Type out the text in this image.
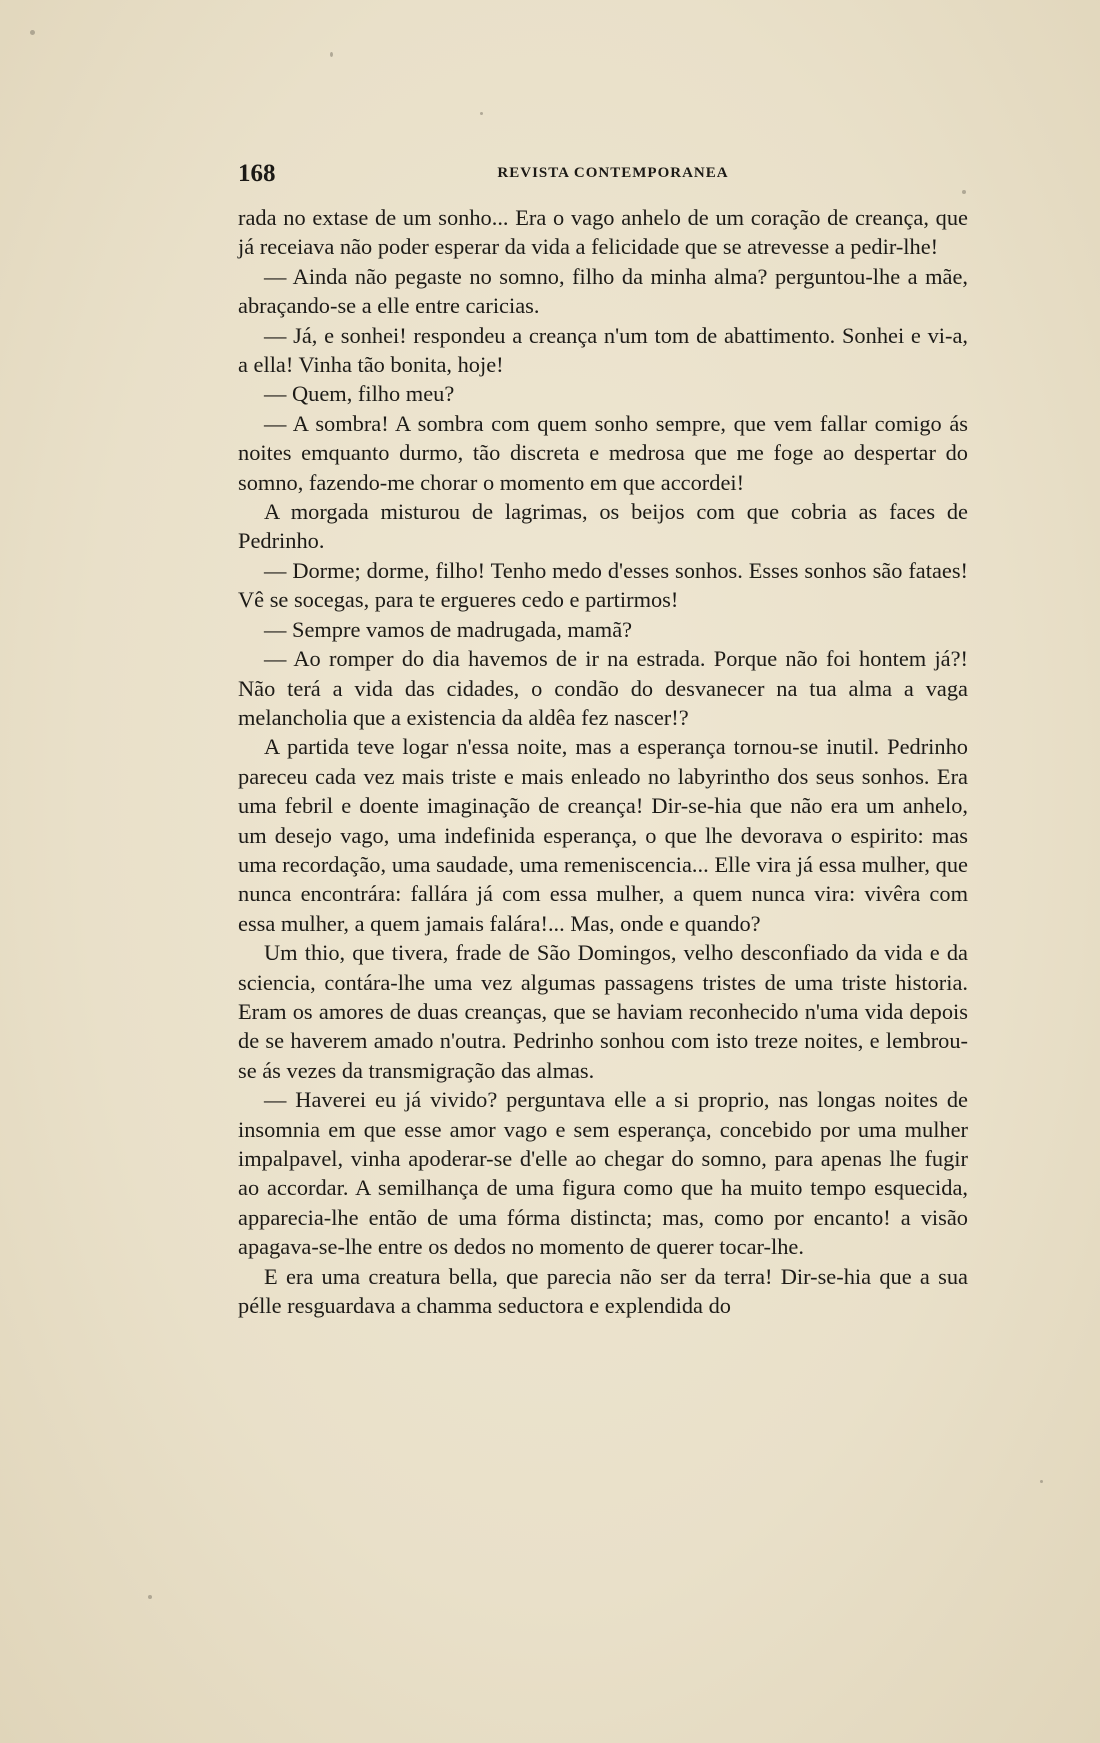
168	REVISTA CONTEMPORANEA

rada no extase de um sonho... Era o vago anhelo de um coração de creança, que já receiava não poder esperar da vida a felicidade que se atrevesse a pedir-lhe!

— Ainda não pegaste no somno, filho da minha alma? perguntou-lhe a mãe, abraçando-se a elle entre caricias.

— Já, e sonhei! respondeu a creança n'um tom de abattimento. Sonhei e vi-a, a ella! Vinha tão bonita, hoje!

— Quem, filho meu?

— A sombra! A sombra com quem sonho sempre, que vem fallar comigo ás noites emquanto durmo, tão discreta e medrosa que me foge ao despertar do somno, fazendo-me chorar o momento em que accordei!

A morgada misturou de lagrimas, os beijos com que cobria as faces de Pedrinho.

— Dorme; dorme, filho! Tenho medo d'esses sonhos. Esses sonhos são fataes! Vê se socegas, para te ergueres cedo e partirmos!

— Sempre vamos de madrugada, mamã?

— Ao romper do dia havemos de ir na estrada. Porque não foi hontem já?! Não terá a vida das cidades, o condão do desvanecer na tua alma a vaga melancholia que a existencia da aldêa fez nascer!?

A partida teve logar n'essa noite, mas a esperança tornou-se inutil. Pedrinho pareceu cada vez mais triste e mais enleado no labyrintho dos seus sonhos. Era uma febril e doente imaginação de creança! Dir-se-hia que não era um anhelo, um desejo vago, uma indefinida esperança, o que lhe devorava o espirito: mas uma recordação, uma saudade, uma remeniscencia... Elle vira já essa mulher, que nunca encontrára: fallára já com essa mulher, a quem nunca vira: vivêra com essa mulher, a quem jamais falára!... Mas, onde e quando?

Um thio, que tivera, frade de São Domingos, velho desconfiado da vida e da sciencia, contára-lhe uma vez algumas passagens tristes de uma triste historia. Eram os amores de duas creanças, que se haviam reconhecido n'uma vida depois de se haverem amado n'outra. Pedrinho sonhou com isto treze noites, e lembrou-se ás vezes da transmigração das almas.

— Haverei eu já vivido? perguntava elle a si proprio, nas longas noites de insomnia em que esse amor vago e sem esperança, concebido por uma mulher impalpavel, vinha apoderar-se d'elle ao chegar do somno, para apenas lhe fugir ao accordar. A semilhança de uma figura como que ha muito tempo esquecida, apparecia-lhe então de uma fórma distincta; mas, como por encanto! a visão apagava-se-lhe entre os dedos no momento de querer tocar-lhe.

E era uma creatura bella, que parecia não ser da terra! Dir-se-hia que a sua pélle resguardava a chamma seductora e explendida do
